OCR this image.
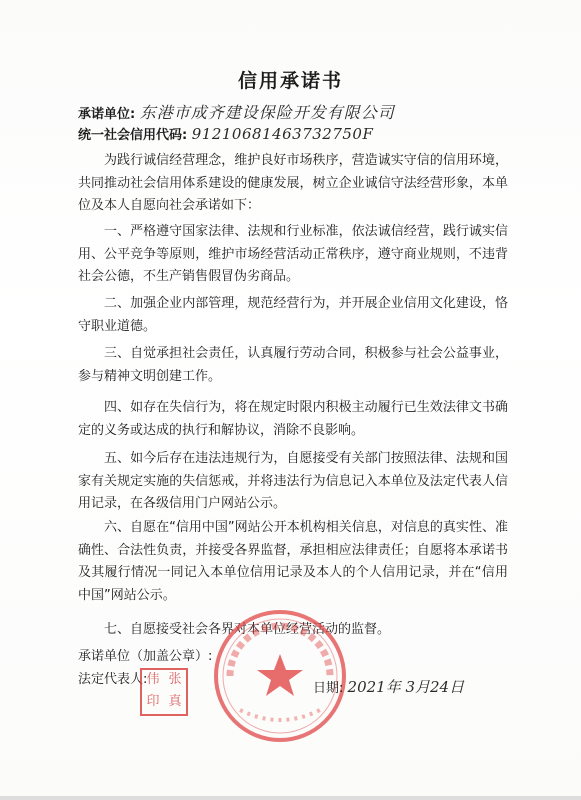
信用承诺书
承诺单位: 东港市成齐建设保险开发有限公司
统一社会信用代码: 91210681463732750F

为践行诚信经营理念，维护良好市场秩序，营造诚实守信的信用环境，共同推动社会信用体系建设的健康发展，树立企业诚信守法经营形象，本单位及本人自愿向社会承诺如下：

一、严格遵守国家法律、法规和行业标准，依法诚信经营，践行诚实信用、公平竞争等原则，维护市场经营活动正常秩序，遵守商业规则，不违背社会公德，不生产销售假冒伪劣商品。

二、加强企业内部管理，规范经营行为，并开展企业信用文化建设，恪守职业道德。

三、自觉承担社会责任，认真履行劳动合同，积极参与社会公益事业，参与精神文明创建工作。

四、如存在失信行为，将在规定时限内积极主动履行已生效法律文书确定的义务或达成的执行和解协议，消除不良影响。

五、如今后存在违法违规行为，自愿接受有关部门按照法律、法规和国家有关规定实施的失信惩戒，并将违法行为信息记入本单位及法定代表人信用记录，在各级信用门户网站公示。

六、自愿在“信用中国”网站公开本机构相关信息，对信息的真实性、准确性、合法性负责，并接受各界监督，承担相应法律责任；自愿将本承诺书及其履行情况一同记入本单位信用记录及本人的个人信用记录，并在“信用中国”网站公示。

七、自愿接受社会各界对本单位经营活动的监督。

承诺单位（加盖公章）:
法定代表人: 伟 张
印 真
日期: 2021年 3月24日
